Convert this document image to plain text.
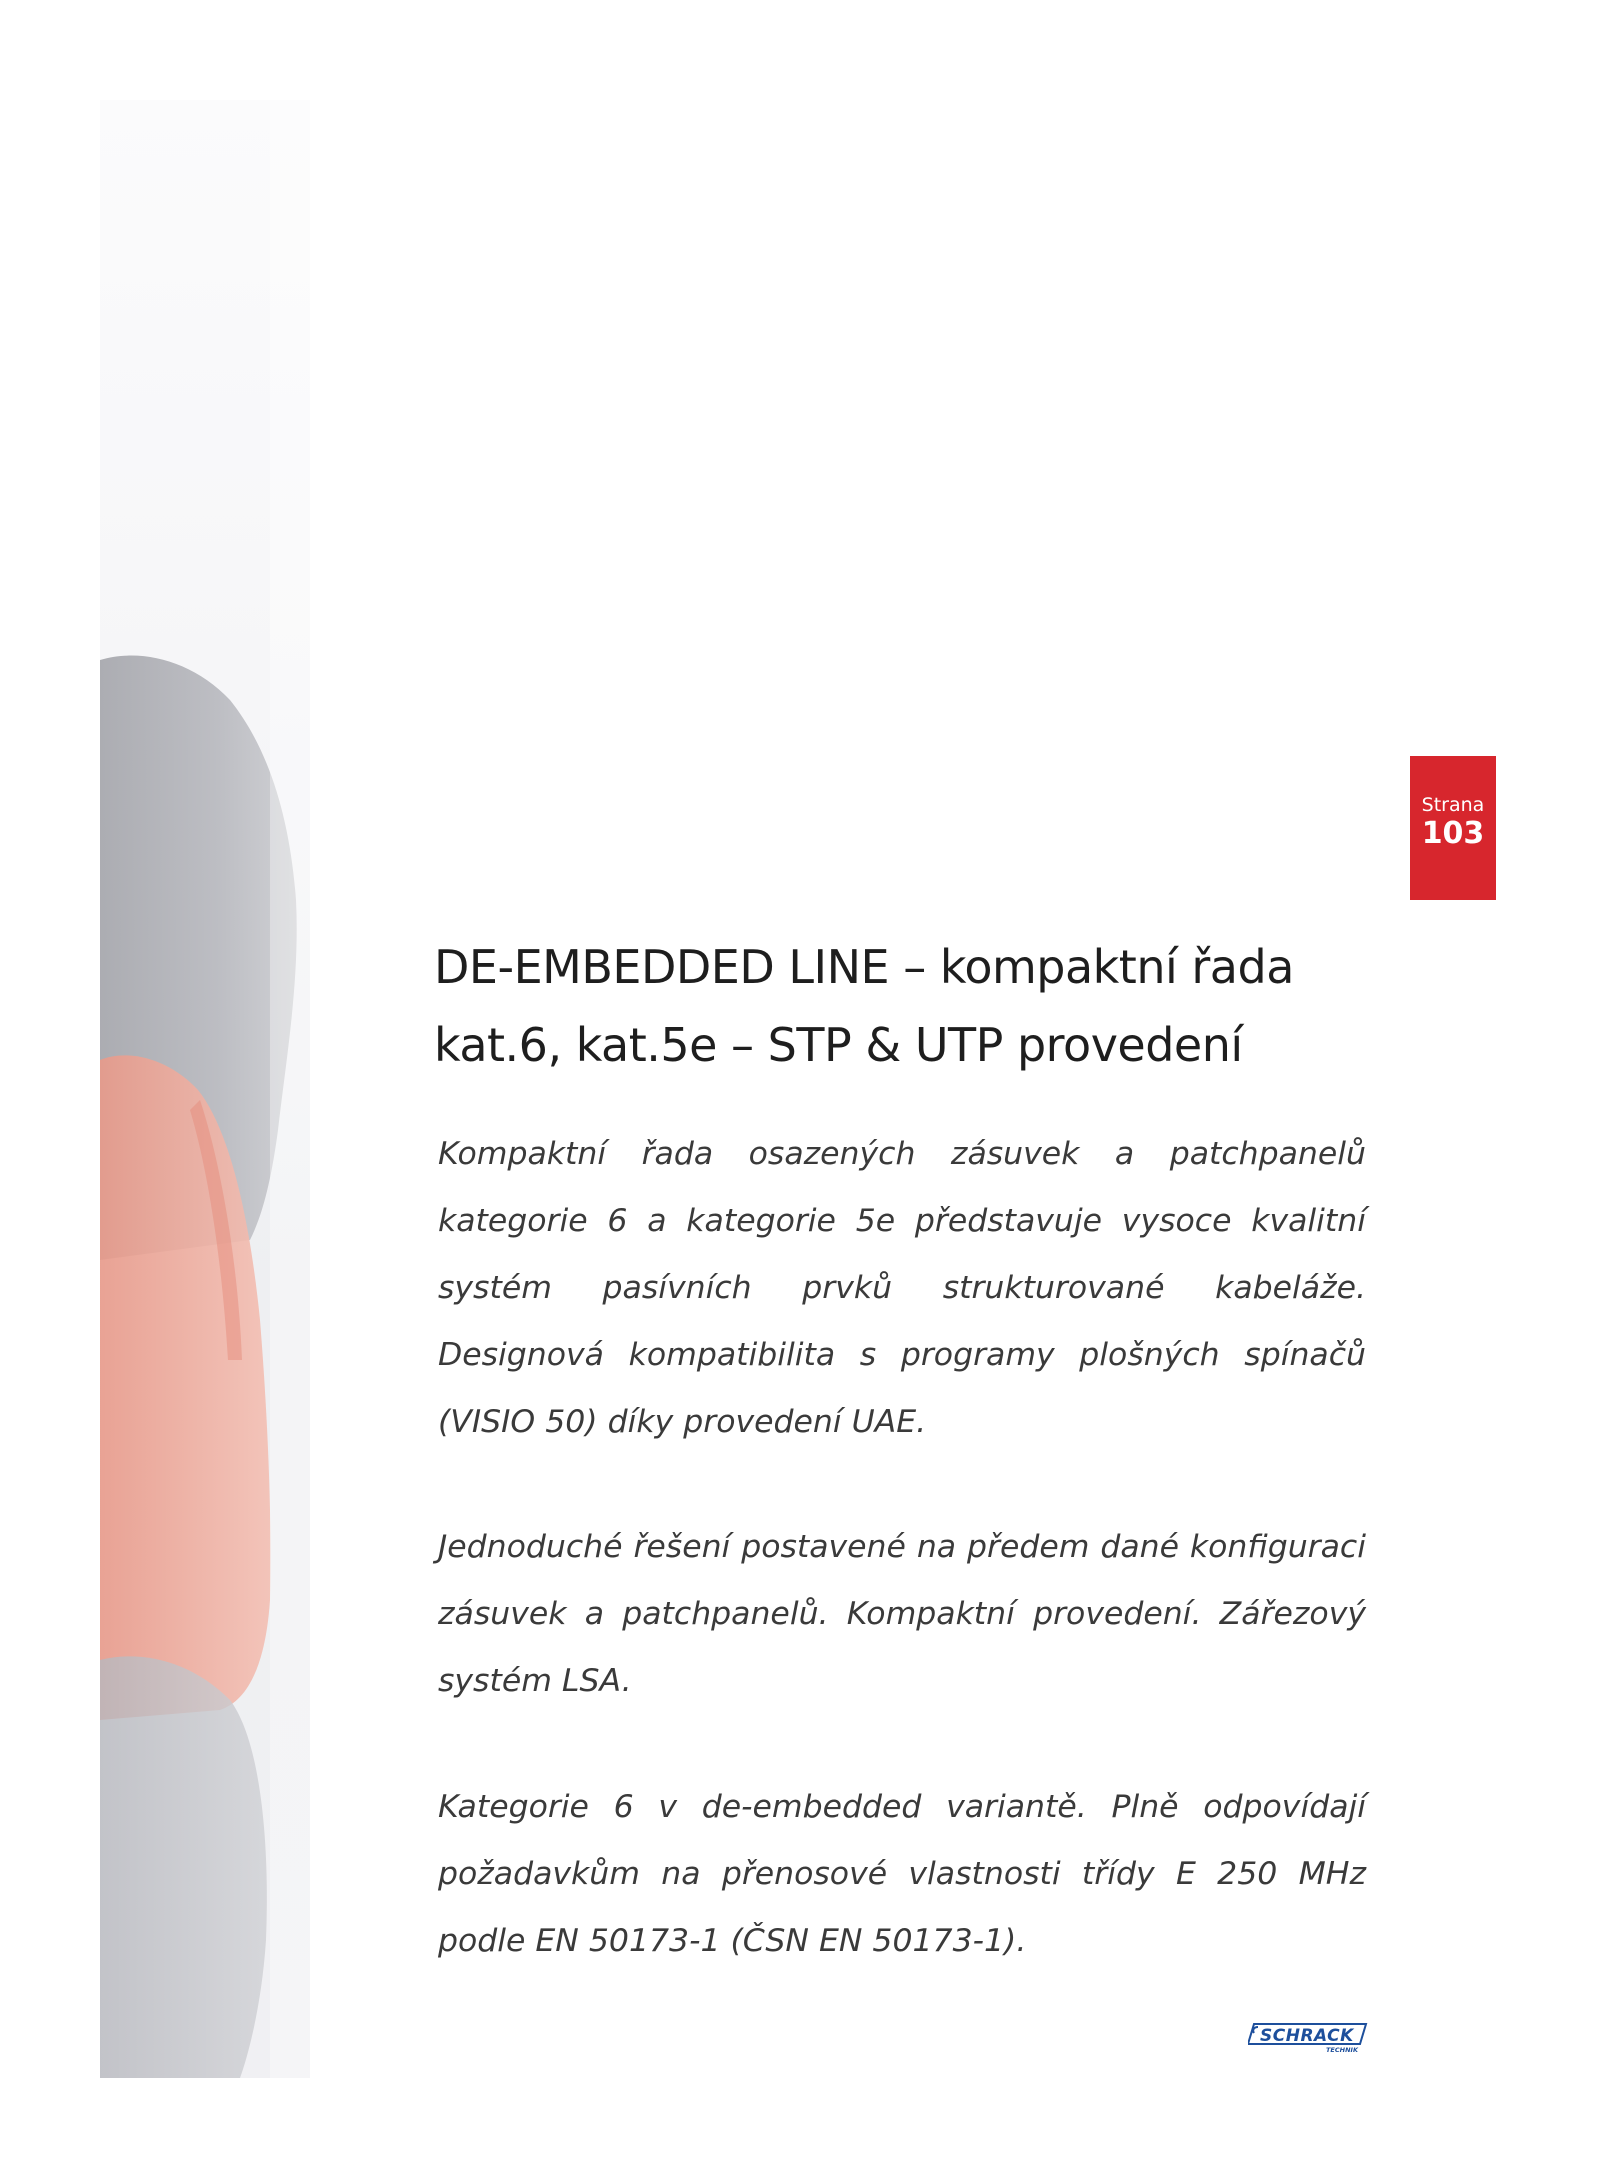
Strana
103
DE-EMBEDDED LINE – kompaktní řada
kat.6, kat.5e – STP & UTP provedení

Kompaktní řada osazených zásuvek a patchpanelů
kategorie 6 a kategorie 5e představuje vysoce kvalitní
systém pasívních prvků strukturované kabeláže.
Designová kompatibilita s programy plošných spínačů
(VISIO 50) díky provedení UAE.

Jednoduché řešení postavené na předem dané konfiguraci
zásuvek a patchpanelů. Kompaktní provedení. Zářezový
systém LSA.

Kategorie 6 v de-embedded variantě. Plně odpovídají
požadavkům na přenosové vlastnosti třídy E 250 MHz
podle EN 50173-1 (ČSN EN 50173-1).

SCHRACK
TECHNIK
